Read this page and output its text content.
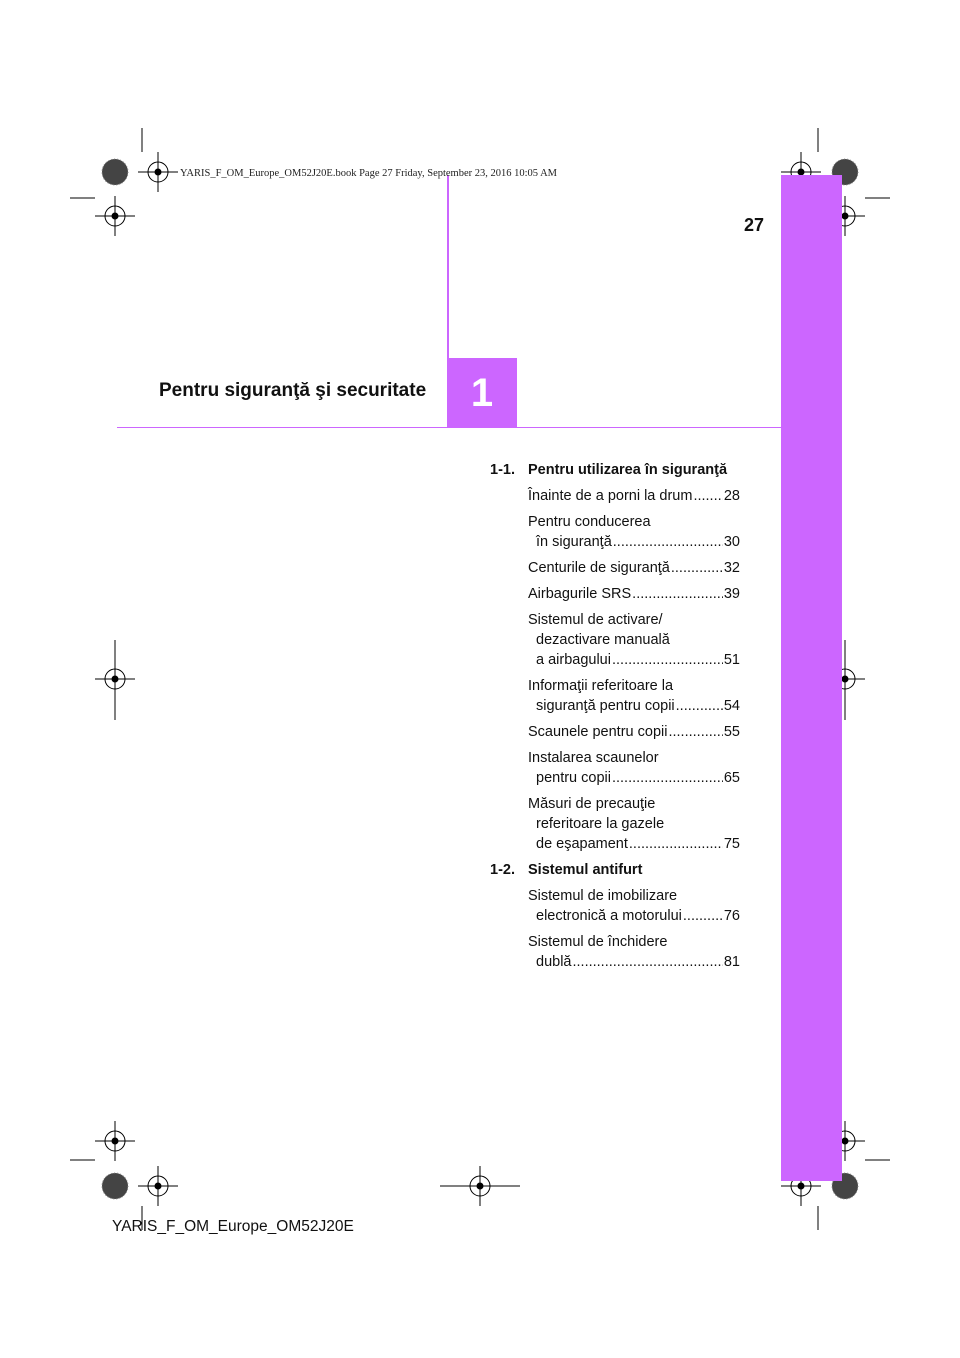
YARIS_F_OM_Europe_OM52J20E.book Page 27 Friday, September 23, 2016 10:05 AM
27
1
Pentru siguranţă şi securitate
1-1. Pentru utilizarea în siguranţă
Înainte de a porni la drum ..... 28
Pentru conducerea
în siguranţă .....	30
Centurile de siguranţă .....	32
Airbagurile SRS .....	39
Sistemul de activare/
dezactivare manuală
a airbagului .....	51
Informaţii referitoare la
siguranţă pentru copii .....	54
Scaunele pentru copii .....	55
Instalarea scaunelor
pentru copii .....	65
Măsuri de precauţie
referitoare la gazele
de eşapament .....	75
1-2. Sistemul antifurt
Sistemul de imobilizare
electronică a motorului .....	76
Sistemul de închidere
dublă .....	81
YARIS_F_OM_Europe_OM52J20E
